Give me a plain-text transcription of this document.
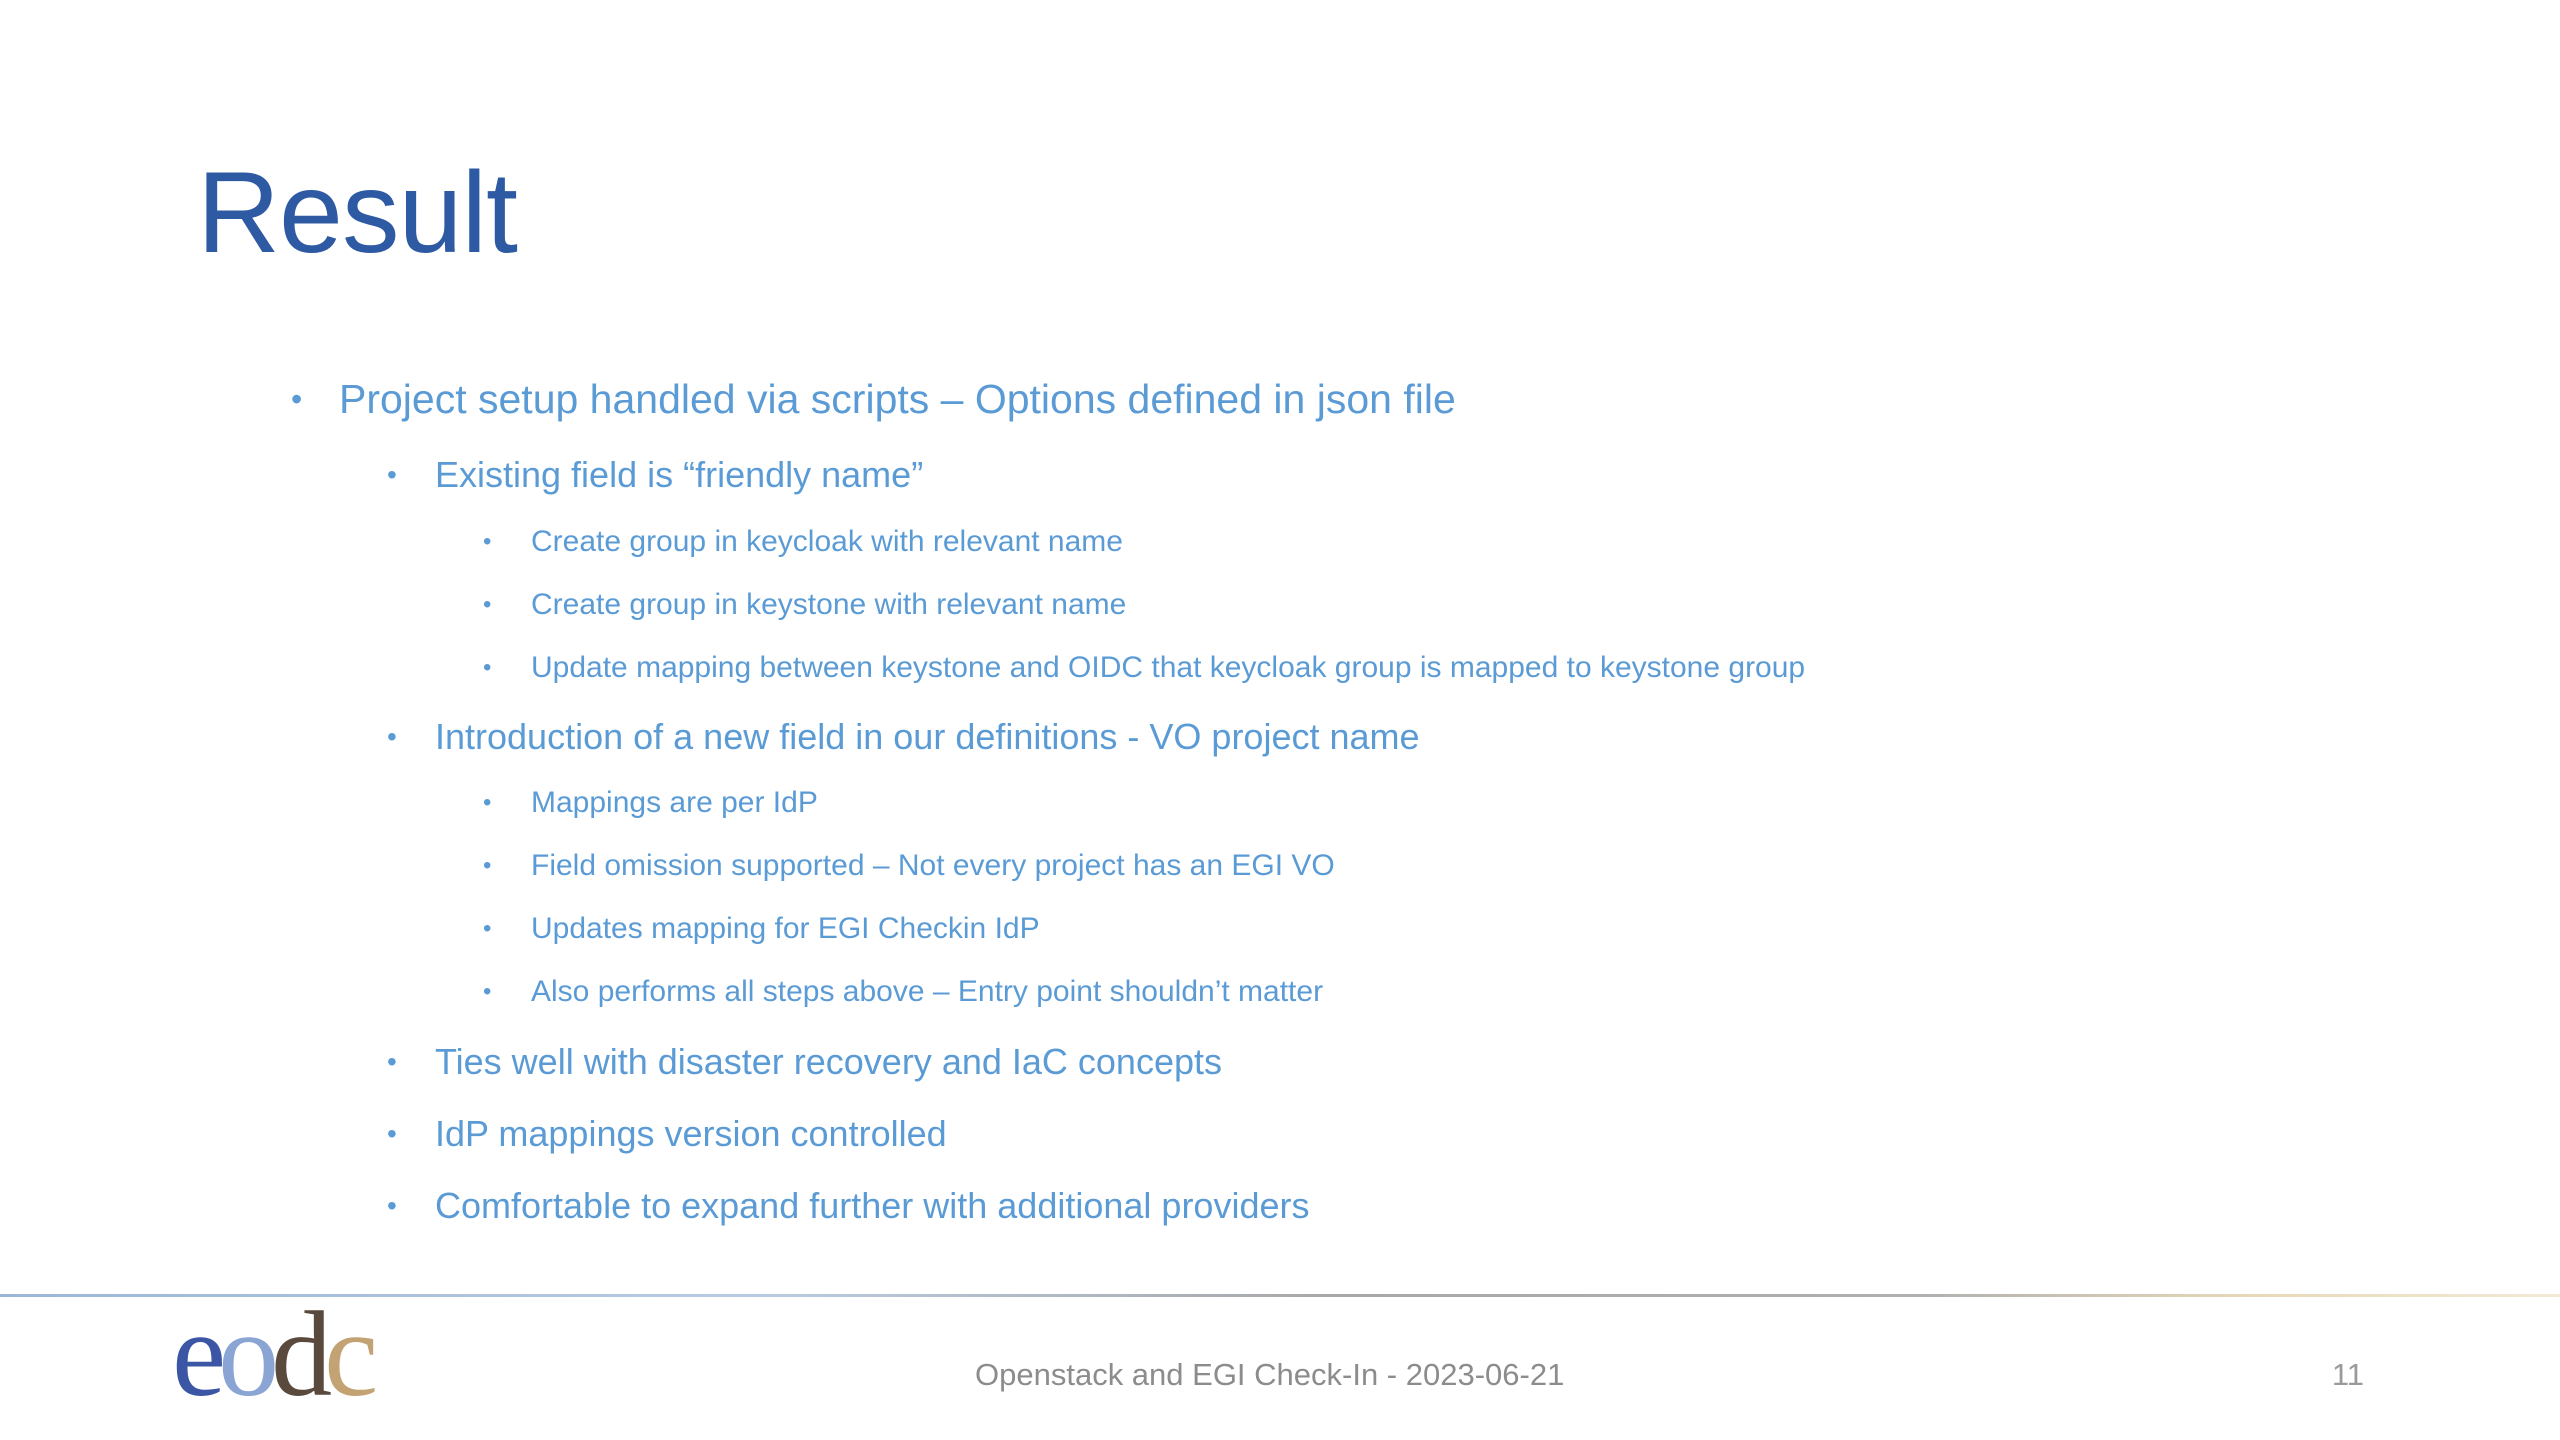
Result
• Project setup handled via scripts – Options defined in json file
• Existing field is “friendly name”
• Create group in keycloak with relevant name
• Create group in keystone with relevant name
• Update mapping between keystone and OIDC that keycloak group is mapped to keystone group
• Introduction of a new field in our definitions - VO project name
• Mappings are per IdP
• Field omission supported – Not every project has an EGI VO
• Updates mapping for EGI Checkin IdP
• Also performs all steps above – Entry point shouldn’t matter
• Ties well with disaster recovery and IaC concepts
• IdP mappings version controlled
• Comfortable to expand further with additional providers
eodc	Openstack and EGI Check-In - 2023-06-21	11
